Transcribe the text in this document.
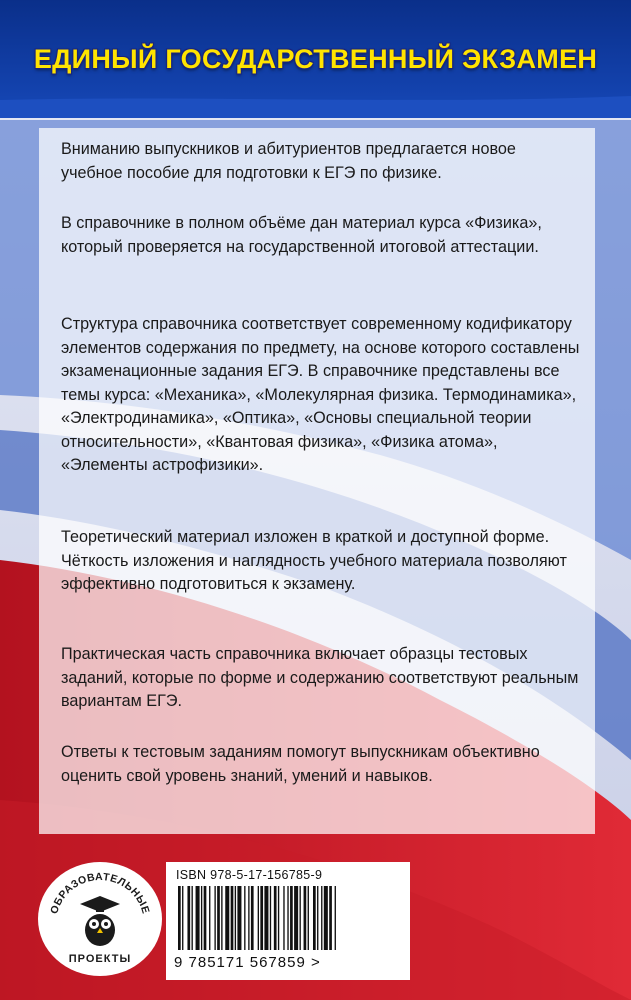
ЕДИНЫЙ ГОСУДАРСТВЕННЫЙ ЭКЗАМЕН

Вниманию выпускников и абитуриентов предлагается новое учебное пособие для подготовки к ЕГЭ по физике.

В справочнике в полном объёме дан материал курса «Физика», который проверяется на государственной итоговой аттестации.

Структура справочника соответствует современному кодификатору элементов содержания по предмету, на основе которого составлены экзаменационные задания ЕГЭ. В справочнике представлены все темы курса: «Механика», «Молекулярная физика. Термодинамика», «Электродинамика», «Оптика», «Основы специальной теории относительности», «Квантовая физика», «Физика атома», «Элементы астрофизики».

Теоретический материал изложен в краткой и доступной форме. Чёткость изложения и наглядность учебного материала позволяют эффективно подготовиться к экзамену.

Практическая часть справочника включает образцы тестовых заданий, которые по форме и содержанию соответствуют реальным вариантам ЕГЭ.

Ответы к тестовым заданиям помогут выпускникам объективно оценить свой уровень знаний, умений и навыков.

ОБРАЗОВАТЕЛЬНЫЕ
ПРОЕКТЫ
ISBN 978-5-17-156785-9
9 785171 567859 >
